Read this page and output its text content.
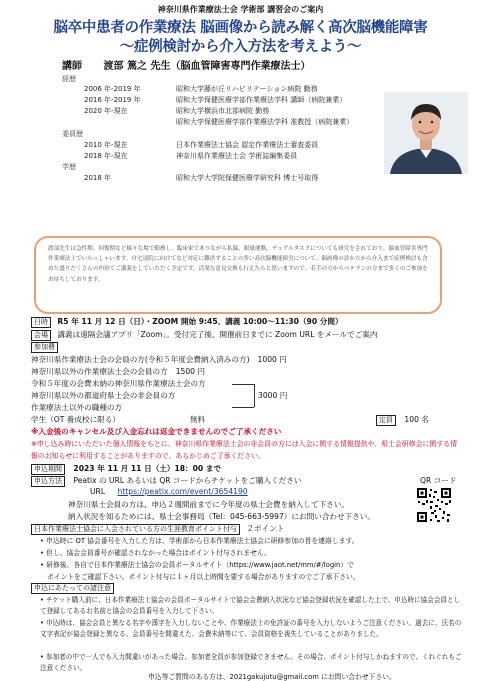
神奈川県作業療法士会 学術部 講習会のご案内
脳卒中患者の作業療法 脳画像から読み解く高次脳機能障害
～症例検討から介入方法を考えよう～
講師 渡部 篤之 先生（脳血管障害専門作業療法士）
経歴
2006 年-2019 年	昭和大学藤が丘リハビリテーション病院 勤務
2016 年-2019 年	昭和大学保健医療学部作業療法学科 講師（病院兼業）
2020 年-現在	昭和大学横浜市北部病院 勤務
昭和大学保健医療学部作業療法学科 准教授（病院兼業）
委員歴
2010 年-現在	日本作業療法士協会 認定作業療法士審査委員
2018 年-現在	神奈川県作業療法士会 学術誌編集委員
学歴
2018 年	昭和大学大学院保健医療学研究科 博士号取得
渡部先生は急性期、回復期など様々な場で勤務し、臨床家でありながら私脳、眼球運動、デュアルタスクについても研究をされており、脳血管障害専門作業療法士でいらっしゃいます。自宅退院に向けてなど対応に難渋することの多い高次脳機能障害について、脳画像の診かたから介入まで症例検討も含めた盛りだくさんの内容でご講義をしていただく予定です。活発な意見交換も行えたらと思いますので、若手の方からベテランの方まで多くのご参加をお待ちしております。
日時 R5 年 11 月 12 日（日）・ZOOM 開始 9:45、講義 10:00～11:30（90 分間）
会場 講義は遠隔会議アプリ「Zoom」。受付完了後、開催前日までに Zoom URL をメールでご案内
参加費
神奈川県作業療法士会の会員の方(令和５年度会費納入済みの方) 1000 円
神奈川県以外の作業療法士会の会員の方 1500 円
令和５年度の会費未納の神奈川県作業療法士会の方
神奈川県以外の都道府県士会の非会員の方
作業療法士以外の職種の方
3000 円
学生（OT 養成校に限る）	無料	定員 100 名
※入金後のキャンセル及び入金忘れは返金できませんのでご了承ください
※申し込み時にいただいた個人情報をもとに、神奈川県作業療法士会の非会員の方には入会に関する情報提供や、県士会研修会に関する情報のお知らせに利用することがありますので、あらかじめご了承ください。
申込期間 2023 年 11 月 11 日（土）18：00 まで
申込方法 Peatix の URL あるいは QR コードからチケットをご購入ください	QR コード
URL https://peatix.com/event/3654190
神奈川県士会員の方は、申込２週間前までに今年度の県士会費を納入して下さい。
納入状況を知るためには、県士会事務局（Tel：045-663-5997）にお問い合わせ下さい。
日本作業療法士協会に入会されている方の生涯教育ポイント付与 ２ポイント
• 申込時に OT 協会番号を入力した方は、学術部から日本作業療法士協会に研修参加の旨を連絡します。
• 但し、協会会員番号が確認されなかった場合はポイント付与されません。
• 研修後、各自で日本作業療法士協会の会員ポータルサイト（https://www.jaot.net/mm/#/login）で
ポイントをご確認下さい。ポイント付与に１ヶ月以上時間を要する場合がありますのでご了承下さい。
申込にあたっての諸注意
• チケット購入前に、日本作業療法士協会の会員ポータルサイトで協会会費納入状況など協会登録状況を確認した上で、申込時に協会会員として登録してあるお名前と協会の会員番号を入力して下さい。
• 申込時は、協会会員と異なる名字や漢字を入力しないことや、作業療法士の免許証の番号を入力しないようご注意ください。過去に、氏名の文字表記が協会登録と異なる、会員番号を間違えた、会費未納等にて、会員資格を喪失していることがありました。
• 参加者の中で一人でも入力間違いがあった場合、参加者全員が参加登録できません。その場合、ポイント付与しかねますので、くれぐれもご注意ください。
申込等ご質問のある方は、2021gakujutu@gmail.com にお問い合わせ下さい。
